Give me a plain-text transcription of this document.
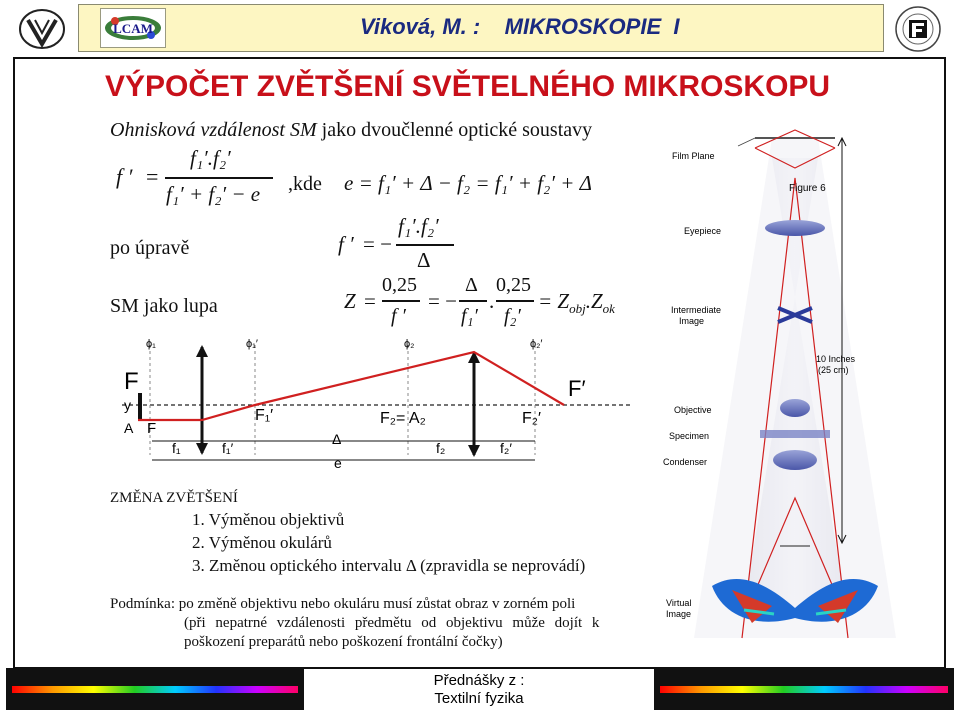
LCAM	Viková, M. :    MIKROSKOPIE  I
VÝPOČET ZVĚTŠENÍ SVĚTELNÉHO MIKROSKOPU
Ohnisková vzdálenost SM jako dvoučlenné optické soustavy
f ′ =
f₁′.f₂′
f₁′ + f₂′ − e ,kde e = f₁′ + Δ − f₂ = f₁′ + f₂′ + Δ
po úpravě	f ′ = −
f₁′.f₂′
Δ
SM jako lupa	Z =
0,25
f ′
= −
Δ
f₁′
.
0,25
f₂′
= $Z_{obj}.Z_{ok}$
ϕ₁	ϕ₁′	ϕ₂	ϕ₂′
F
y
A F
F₁′	F₂= A₂	F₂′
F′
f₁	f₁′
Δ
e
f₂	f₂′
ZMĚNA ZVĚTŠENÍ
1. Výměnou objektivů
2. Výměnou okulárů
3. Změnou optického intervalu Δ (zpravidla se neprovádí)
Podmínka: po změně objektivu nebo okuláru musí zůstat obraz v zorném poli
(při nepatrné vzdálenosti předmětu od objektivu může dojít k
poškození preparátů nebo poškození frontální čočky)
Film Plane
Figure 6
Eyepiece
Intermediate
Image
10 Inches
(25 cm)
Objective
Specimen
Condenser
Virtual
Image
Přednášky z :
Textilní fyzika
